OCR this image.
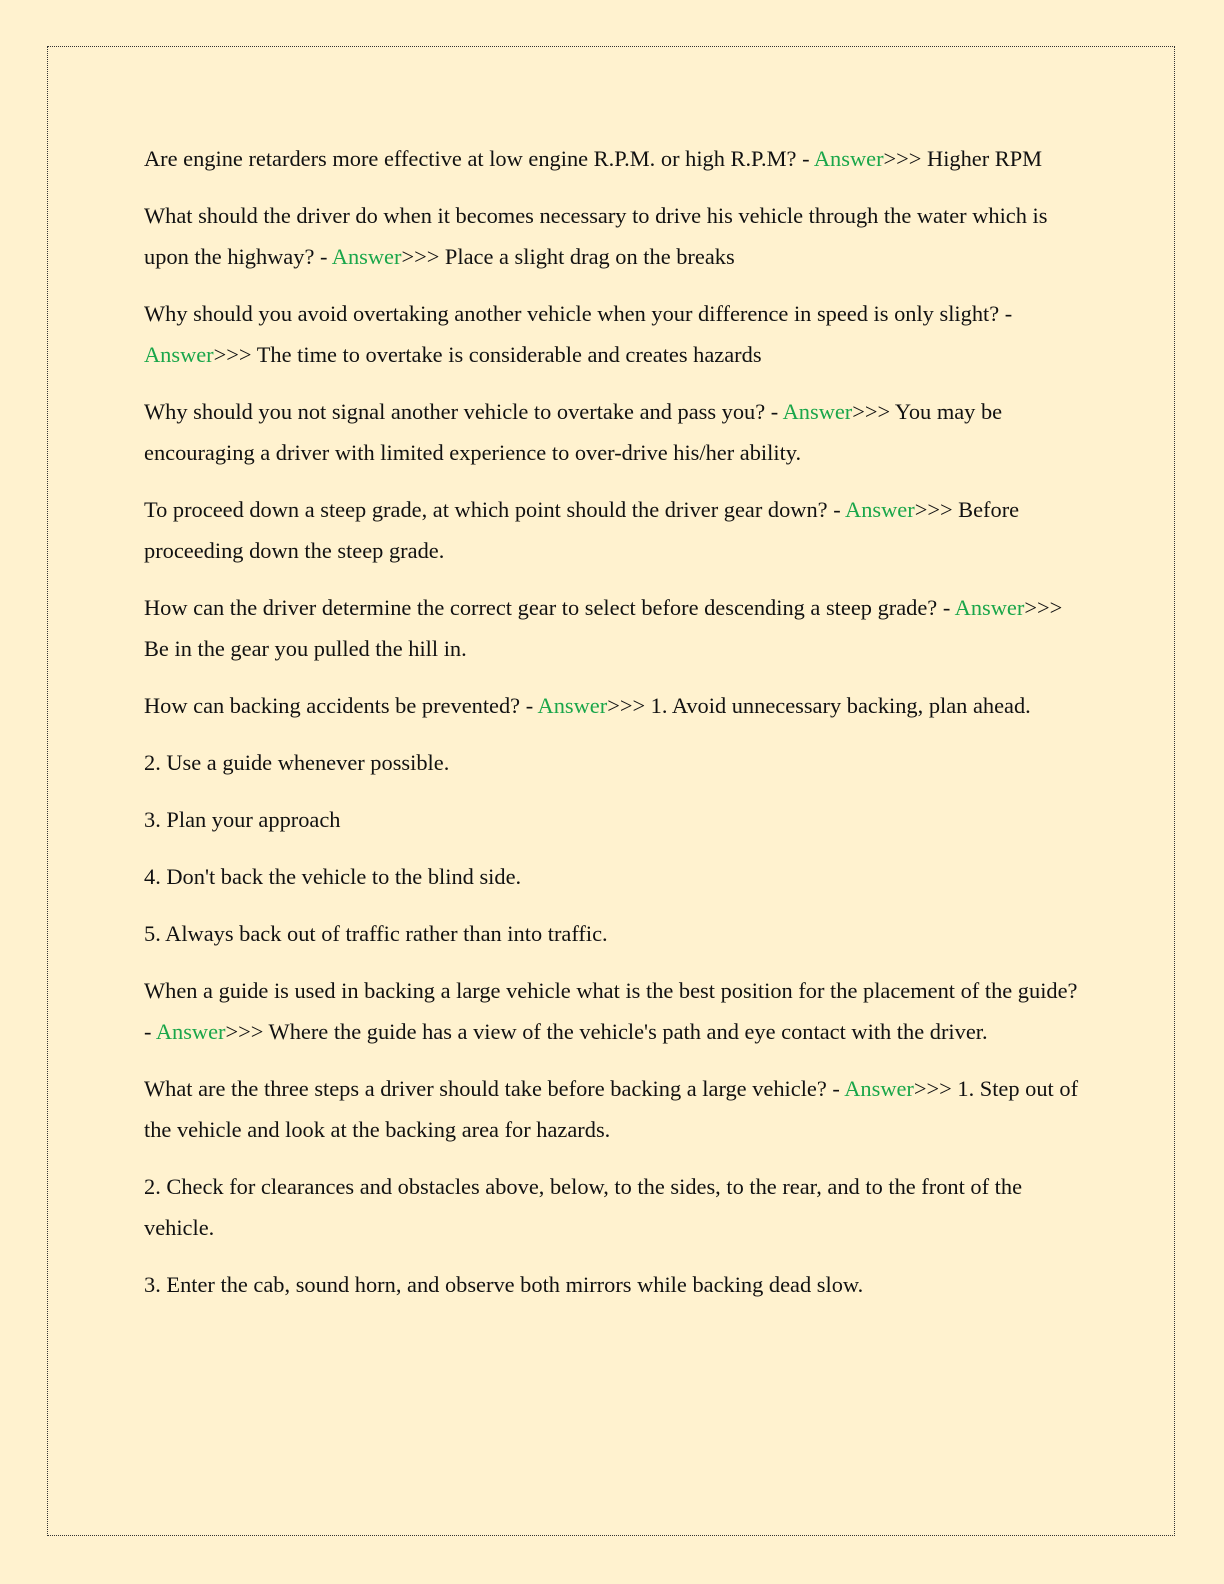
Are engine retarders more effective at low engine R.P.M. or high R.P.M? - Answer>>> Higher RPM

What should the driver do when it becomes necessary to drive his vehicle through the water which is upon the highway? - Answer>>> Place a slight drag on the breaks

Why should you avoid overtaking another vehicle when your difference in speed is only slight? - Answer>>> The time to overtake is considerable and creates hazards

Why should you not signal another vehicle to overtake and pass you? - Answer>>> You may be encouraging a driver with limited experience to over-drive his/her ability.

To proceed down a steep grade, at which point should the driver gear down? - Answer>>> Before proceeding down the steep grade.

How can the driver determine the correct gear to select before descending a steep grade? - Answer>>> Be in the gear you pulled the hill in.

How can backing accidents be prevented? - Answer>>> 1. Avoid unnecessary backing, plan ahead.

2. Use a guide whenever possible.

3. Plan your approach

4. Don't back the vehicle to the blind side.

5. Always back out of traffic rather than into traffic.

When a guide is used in backing a large vehicle what is the best position for the placement of the guide? - Answer>>> Where the guide has a view of the vehicle's path and eye contact with the driver.

What are the three steps a driver should take before backing a large vehicle? - Answer>>> 1. Step out of the vehicle and look at the backing area for hazards.

2. Check for clearances and obstacles above, below, to the sides, to the rear, and to the front of the vehicle.

3. Enter the cab, sound horn, and observe both mirrors while backing dead slow.
